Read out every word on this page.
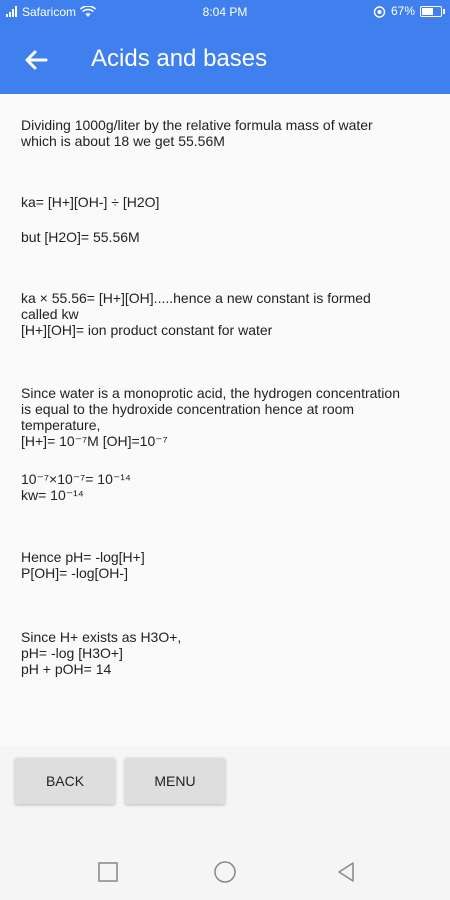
Safaricom	8:04 PM	67%
Acids and bases
Dividing 1000g/liter by the relative formula mass of water
which is about 18 we get 55.56M
ka= [H+][OH-] ÷ [H2O]
but [H2O]= 55.56M
ka × 55.56= [H+][OH].....hence a new constant is formed
called kw
[H+][OH]= ion product constant for water
Since water is a monoprotic acid, the hydrogen concentration
is equal to the hydroxide concentration hence at room
temperature,
[H+]= 10⁻⁷M [OH]=10⁻⁷
10⁻⁷×10⁻⁷= 10⁻¹⁴
kw= 10⁻¹⁴
Hence pH= -log[H+]
P[OH]= -log[OH-]
Since H+ exists as H3O+,
pH= -log [H3O+]
pH + pOH= 14
BACK	MENU
